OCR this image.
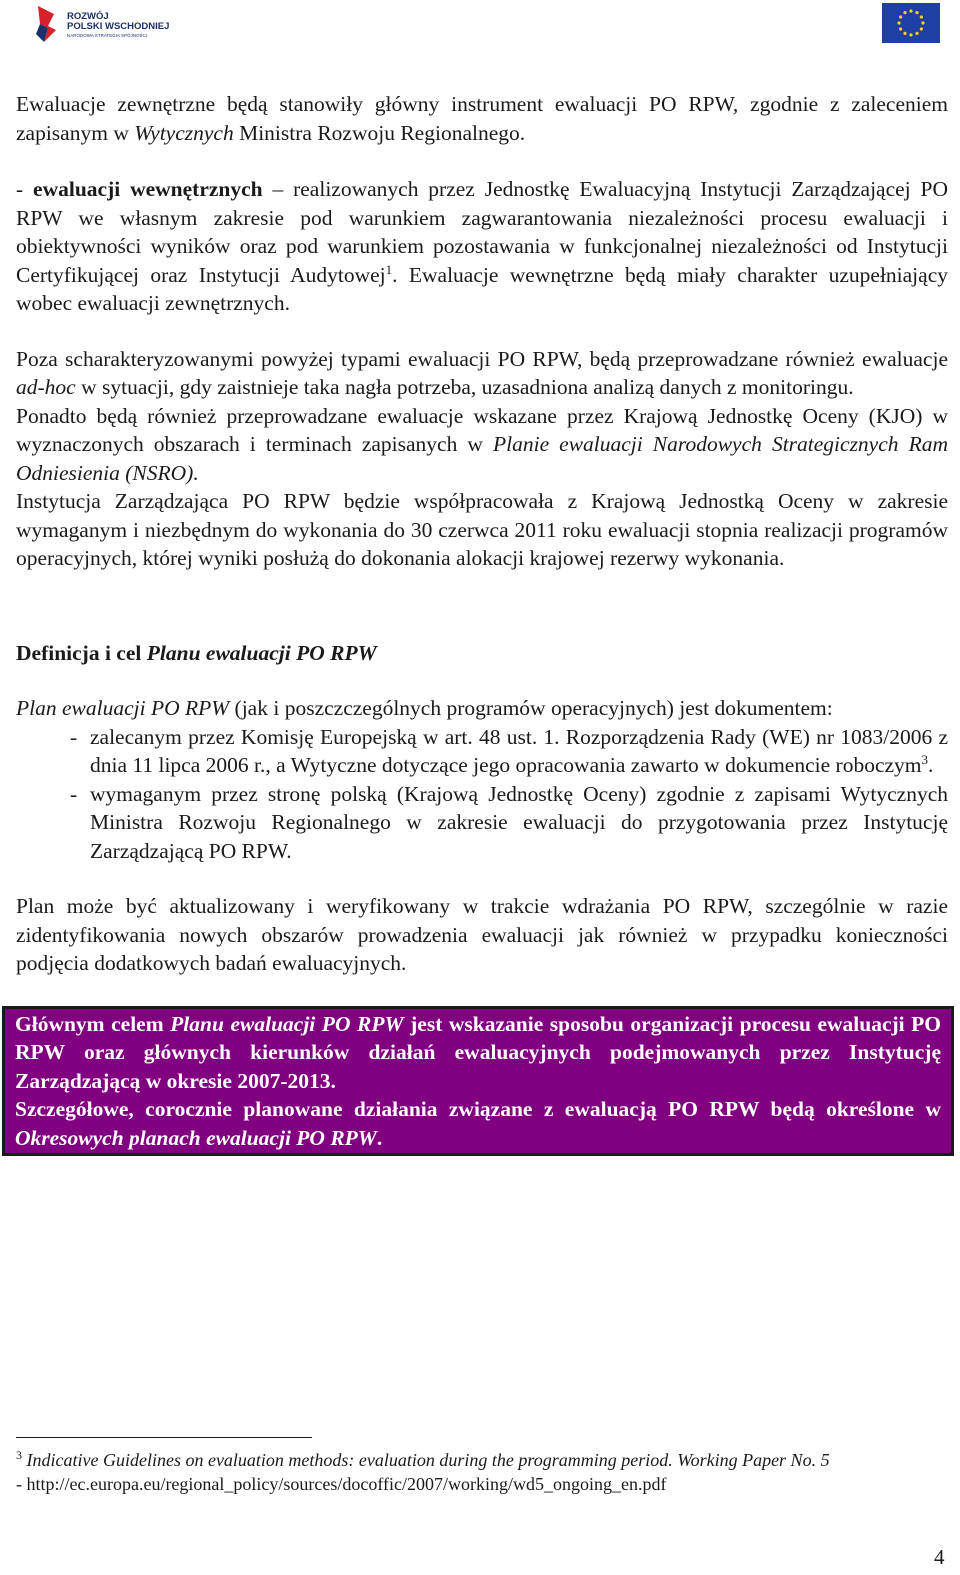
ROZWÓJ
POLSKI WSCHODNIEJ
NARODOWA STRATEGIA SPÓJNOŚCI

Ewaluacje zewnętrzne będą stanowiły główny instrument ewaluacji PO RPW, zgodnie z zaleceniem zapisanym w Wytycznych Ministra Rozwoju Regionalnego.

- ewaluacji wewnętrznych – realizowanych przez Jednostkę Ewaluacyjną Instytucji Zarządzającej PO RPW we własnym zakresie pod warunkiem zagwarantowania niezależności procesu ewaluacji i obiektywności wyników oraz pod warunkiem pozostawania w funkcjonalnej niezależności od Instytucji Certyfikującej oraz Instytucji Audytowej$^1$. Ewaluacje wewnętrzne będą miały charakter uzupełniający wobec ewaluacji zewnętrznych.

Poza scharakteryzowanymi powyżej typami ewaluacji PO RPW, będą przeprowadzane również ewaluacje ad-hoc w sytuacji, gdy zaistnieje taka nagła potrzeba, uzasadniona analizą danych z monitoringu.

Ponadto będą również przeprowadzane ewaluacje wskazane przez Krajową Jednostkę Oceny (KJO) w wyznaczonych obszarach i terminach zapisanych w Planie ewaluacji Narodowych Strategicznych Ram Odniesienia (NSRO).

Instytucja Zarządzająca PO RPW będzie współpracowała z Krajową Jednostką Oceny w zakresie wymaganym i niezbędnym do wykonania do 30 czerwca 2011 roku ewaluacji stopnia realizacji programów operacyjnych, której wyniki posłużą do dokonania alokacji krajowej rezerwy wykonania.

Definicja i cel Planu ewaluacji PO RPW

Plan ewaluacji PO RPW (jak i poszczczególnych programów operacyjnych) jest dokumentem:

- zalecanym przez Komisję Europejską w art. 48 ust. 1. Rozporządzenia Rady (WE) nr 1083/2006 z dnia 11 lipca 2006 r., a Wytyczne dotyczące jego opracowania zawarto w dokumencie roboczym$^3$.
- wymaganym przez stronę polską (Krajową Jednostkę Oceny) zgodnie z zapisami Wytycznych Ministra Rozwoju Regionalnego w zakresie ewaluacji do przygotowania przez Instytucję Zarządzającą PO RPW.

Plan może być aktualizowany i weryfikowany w trakcie wdrażania PO RPW, szczególnie w razie zidentyfikowania nowych obszarów prowadzenia ewaluacji jak również w przypadku konieczności podjęcia dodatkowych badań ewaluacyjnych.

Głównym celem Planu ewaluacji PO RPW jest wskazanie sposobu organizacji procesu ewaluacji PO RPW oraz głównych kierunków działań ewaluacyjnych podejmowanych przez Instytucję Zarządzającą w okresie 2007-2013.

Szczegółowe, corocznie planowane działania związane z ewaluacją PO RPW będą określone w Okresowych planach ewaluacji PO RPW.

$^3$ Indicative Guidelines on evaluation methods: evaluation during the programming period. Working Paper No. 5
- http://ec.europa.eu/regional_policy/sources/docoffic/2007/working/wd5_ongoing_en.pdf
4
